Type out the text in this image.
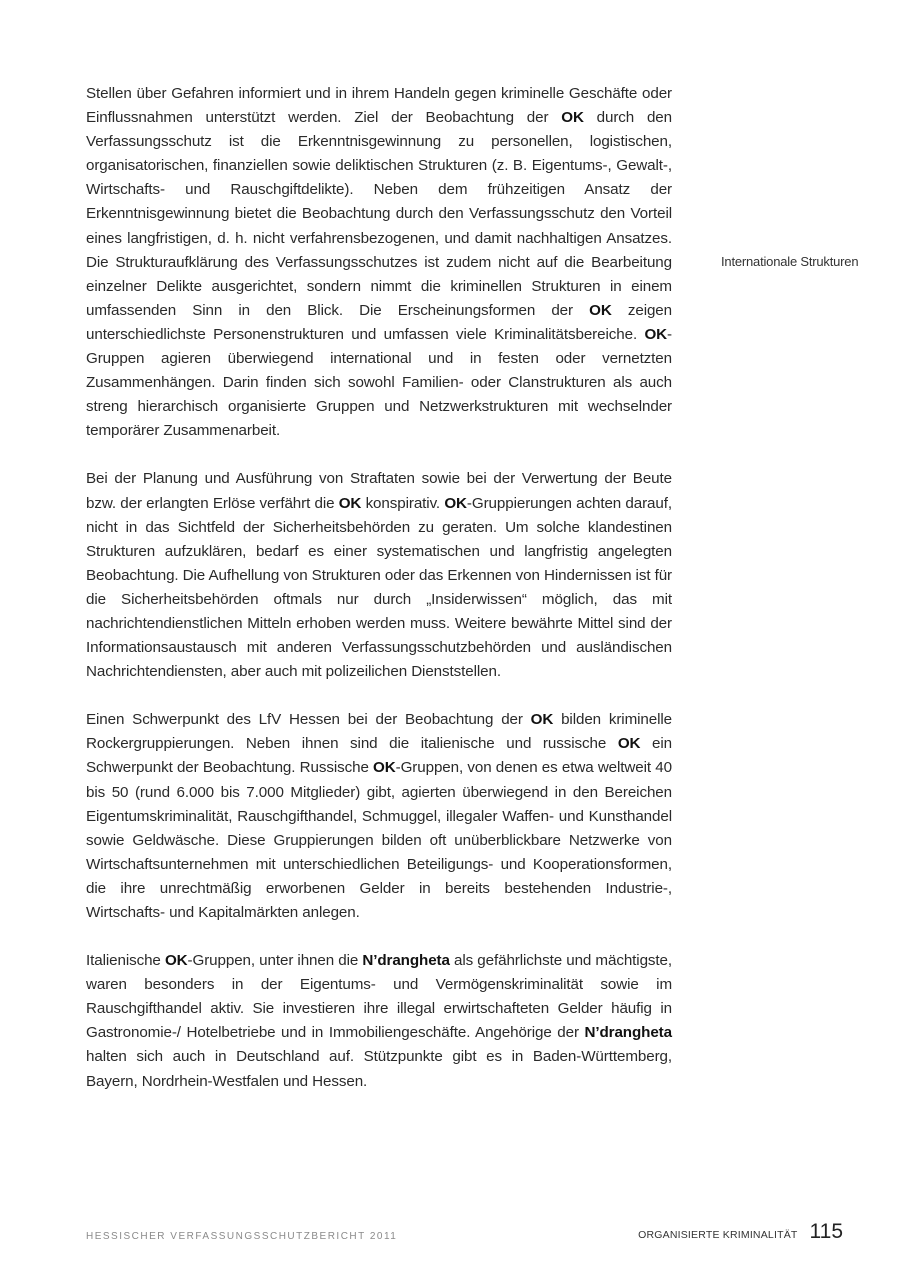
Stellen über Gefahren informiert und in ihrem Handeln gegen kriminelle Geschäfte oder Einflussnahmen unterstützt werden. Ziel der Beobachtung der OK durch den Verfassungsschutz ist die Erkenntnisgewinnung zu personellen, logistischen, organisatorischen, finanziellen sowie deliktischen Strukturen (z. B. Eigentums-, Gewalt-, Wirtschafts- und Rauschgiftdelikte). Neben dem frühzeitigen Ansatz der Erkenntnisgewinnung bietet die Beobachtung durch den Verfassungsschutz den Vorteil eines langfristigen, d. h. nicht verfahrensbezogenen, und damit nachhaltigen Ansatzes. Die Strukturaufklärung des Verfassungsschutzes ist zudem nicht auf die Bearbeitung einzelner Delikte ausgerichtet, sondern nimmt die kriminellen Strukturen in einem umfassenden Sinn in den Blick. Die Erscheinungsformen der OK zeigen unterschiedlichste Personenstrukturen und umfassen viele Kriminalitätsbereiche. OK-Gruppen agieren überwiegend international und in festen oder vernetzten Zusammenhängen. Darin finden sich sowohl Familien- oder Clanstrukturen als auch streng hierarchisch organisierte Gruppen und Netzwerkstrukturen mit wechselnder temporärer Zusammenarbeit.

Bei der Planung und Ausführung von Straftaten sowie bei der Verwertung der Beute bzw. der erlangten Erlöse verfährt die OK konspirativ. OK-Gruppierungen achten darauf, nicht in das Sichtfeld der Sicherheitsbehörden zu geraten. Um solche klandestinen Strukturen aufzuklären, bedarf es einer systematischen und langfristig angelegten Beobachtung. Die Aufhellung von Strukturen oder das Erkennen von Hindernissen ist für die Sicherheitsbehörden oftmals nur durch „Insiderwissen“ möglich, das mit nachrichtendienstlichen Mitteln erhoben werden muss. Weitere bewährte Mittel sind der Informationsaustausch mit anderen Verfassungsschutzbehörden und ausländischen Nachrichtendiensten, aber auch mit polizeilichen Dienststellen.

Einen Schwerpunkt des LfV Hessen bei der Beobachtung der OK bilden kriminelle Rockergruppierungen. Neben ihnen sind die italienische und russische OK ein Schwerpunkt der Beobachtung. Russische OK-Gruppen, von denen es etwa weltweit 40 bis 50 (rund 6.000 bis 7.000 Mitglieder) gibt, agierten überwiegend in den Bereichen Eigentumskriminalität, Rauschgifthandel, Schmuggel, illegaler Waffen- und Kunsthandel sowie Geldwäsche. Diese Gruppierungen bilden oft unüberblickbare Netzwerke von Wirtschaftsunternehmen mit unterschiedlichen Beteiligungs- und Kooperationsformen, die ihre unrechtmäßig erworbenen Gelder in bereits bestehenden Industrie-, Wirtschafts- und Kapitalmärkten anlegen.

Italienische OK-Gruppen, unter ihnen die N’drangheta als gefährlichste und mächtigste, waren besonders in der Eigentums- und Vermögenskriminalität sowie im Rauschgifthandel aktiv. Sie investieren ihre illegal erwirtschafteten Gelder häufig in Gastronomie-/ Hotelbetriebe und in Immobiliengeschäfte. Angehörige der N’drangheta halten sich auch in Deutschland auf. Stützpunkte gibt es in Baden-Württemberg, Bayern, Nordrhein-Westfalen und Hessen.

Internationale Strukturen
HESSISCHER VERFASSUNGSSCHUTZBERICHT 2011	ORGANISIERTE KRIMINALITÄT 115
